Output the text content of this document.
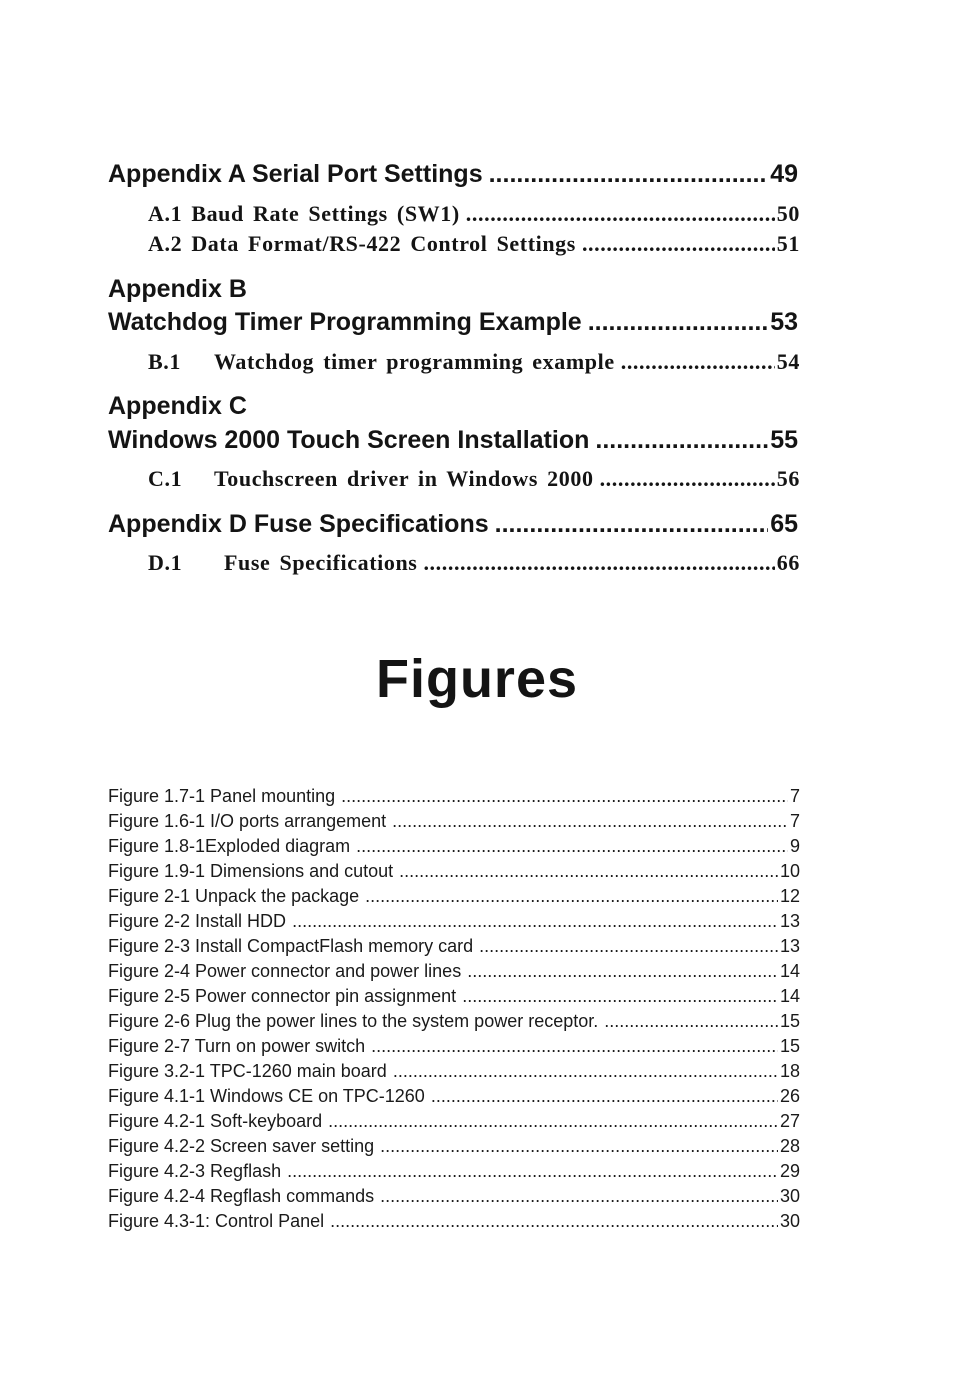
Appendix A Serial Port Settings .....	49
A.1 Baud Rate Settings (SW1) .....	50
A.2 Data Format/RS-422 Control Settings .....	51
Appendix B
Watchdog Timer Programming Example .....	53
B.1 Watchdog timer programming example .....	54
Appendix C
Windows 2000 Touch Screen Installation .....	55
C.1 Touchscreen driver in Windows 2000 .....	56
Appendix D Fuse Specifications .....	65
D.1 Fuse Specifications .....	66
Figures
Figure 1.7-1 Panel mounting .....	7
Figure 1.6-1 I/O ports arrangement .....	7
Figure 1.8-1Exploded diagram .....	9
Figure 1.9-1 Dimensions and cutout .....	10
Figure 2-1 Unpack the package .....	12
Figure 2-2 Install HDD .....	13
Figure 2-3 Install CompactFlash memory card .....	13
Figure 2-4 Power connector and power lines .....	14
Figure 2-5 Power connector pin assignment .....	14
Figure 2-6 Plug the power lines to the system power receptor. .....	15
Figure 2-7 Turn on power switch .....	15
Figure 3.2-1 TPC-1260 main board .....	18
Figure 4.1-1 Windows CE on TPC-1260 .....	26
Figure 4.2-1 Soft-keyboard .....	27
Figure 4.2-2 Screen saver setting .....	28
Figure 4.2-3 Regflash .....	29
Figure 4.2-4 Regflash commands .....	30
Figure 4.3-1: Control Panel .....	30
